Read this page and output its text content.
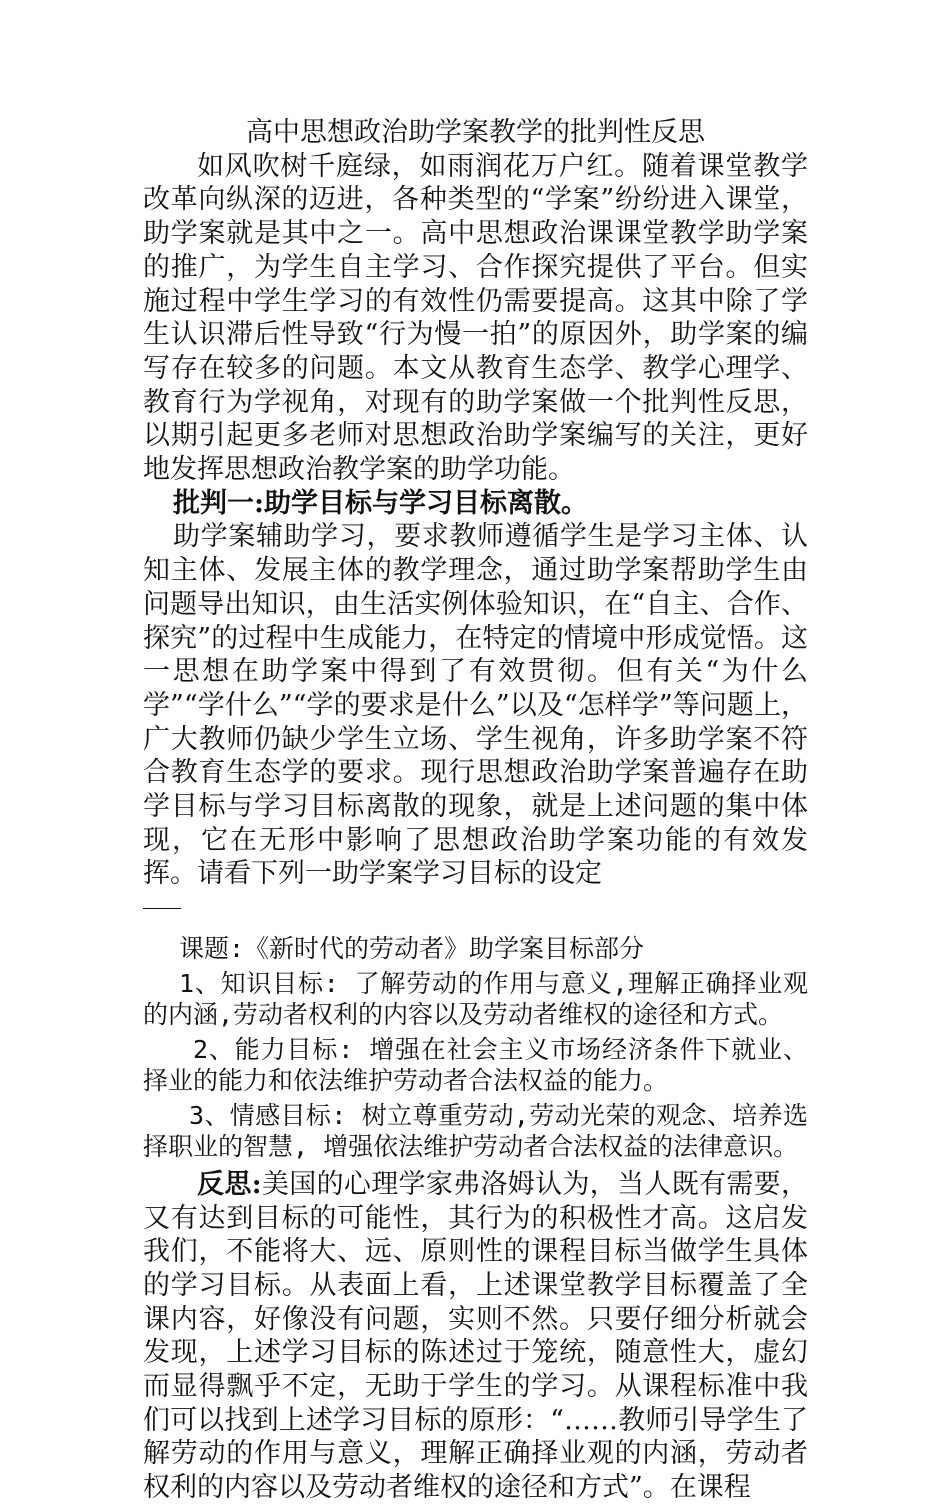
高中思想政治助学案教学的批判性反思

如风吹树千庭绿，如雨润花万户红。随着课堂教学改革向纵深的迈进，各种类型的“学案”纷纷进入课堂，助学案就是其中之一。高中思想政治课课堂教学助学案的推广，为学生自主学习、合作探究提供了平台。但实施过程中学生学习的有效性仍需要提高。这其中除了学生认识滞后性导致“行为慢一拍”的原因外，助学案的编写存在较多的问题。本文从教育生态学、教学心理学、教育行为学视角，对现有的助学案做一个批判性反思，以期引起更多老师对思想政治助学案编写的关注，更好地发挥思想政治教学案的助学功能。

批判一:助学目标与学习目标离散。

助学案辅助学习，要求教师遵循学生是学习主体、认知主体、发展主体的教学理念，通过助学案帮助学生由问题导出知识，由生活实例体验知识，在“自主、合作、探究”的过程中生成能力，在特定的情境中形成觉悟。这一思想在助学案中得到了有效贯彻。但有关“为什么学”“学什么”“学的要求是什么”以及“怎样学”等问题上，广大教师仍缺少学生立场、学生视角，许多助学案不符合教育生态学的要求。现行思想政治助学案普遍存在助学目标与学习目标离散的现象，就是上述问题的集中体现，它在无形中影响了思想政治助学案功能的有效发挥。请看下列一助学案学习目标的设定

课题:《新时代的劳动者》助学案目标部分

1、知识目标: 了解劳动的作用与意义,理解正确择业观的内涵,劳动者权利的内容以及劳动者维权的途径和方式。

2、能力目标: 增强在社会主义市场经济条件下就业、择业的能力和依法维护劳动者合法权益的能力。

3、情感目标: 树立尊重劳动,劳动光荣的观念、培养选择职业的智慧, 增强依法维护劳动者合法权益的法律意识。

反思:美国的心理学家弗洛姆认为，当人既有需要，又有达到目标的可能性，其行为的积极性才高。这启发我们，不能将大、远、原则性的课程目标当做学生具体的学习目标。从表面上看，上述课堂教学目标覆盖了全课内容，好像没有问题，实则不然。只要仔细分析就会发现，上述学习目标的陈述过于笼统，随意性大，虚幻而显得飘乎不定，无助于学生的学习。从课程标准中我们可以找到上述学习目标的原形：“……教师引导学生了解劳动的作用与意义，理解正确择业观的内涵，劳动者权利的内容以及劳动者维权的途径和方式”。在课程
